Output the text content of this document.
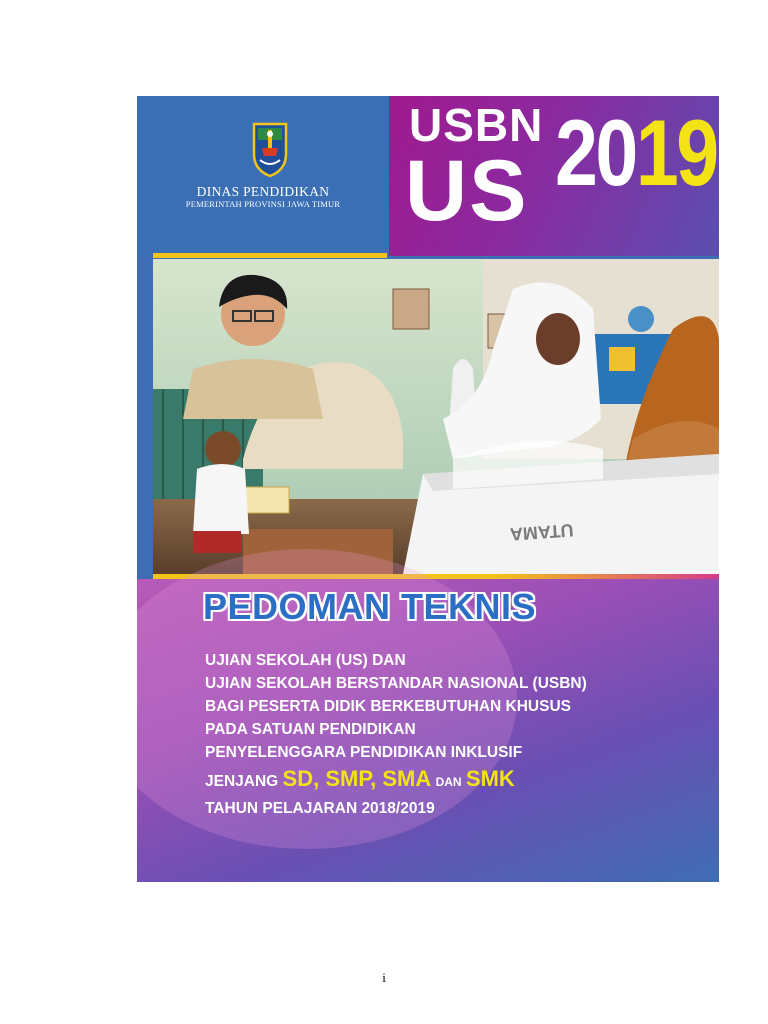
DINAS PENDIDIKAN
PEMERINTAH PROVINSI JAWA TIMUR
USBN
US 2019
UTAMA
PEDOMAN TEKNIS
UJIAN SEKOLAH (US) DAN
UJIAN SEKOLAH BERSTANDAR NASIONAL (USBN)
BAGI PESERTA DIDIK BERKEBUTUHAN KHUSUS
PADA SATUAN PENDIDIKAN
PENYELENGGARA PENDIDIKAN INKLUSIF
JENJANG SD, SMP, SMA DAN SMK
TAHUN PELAJARAN 2018/2019
i
